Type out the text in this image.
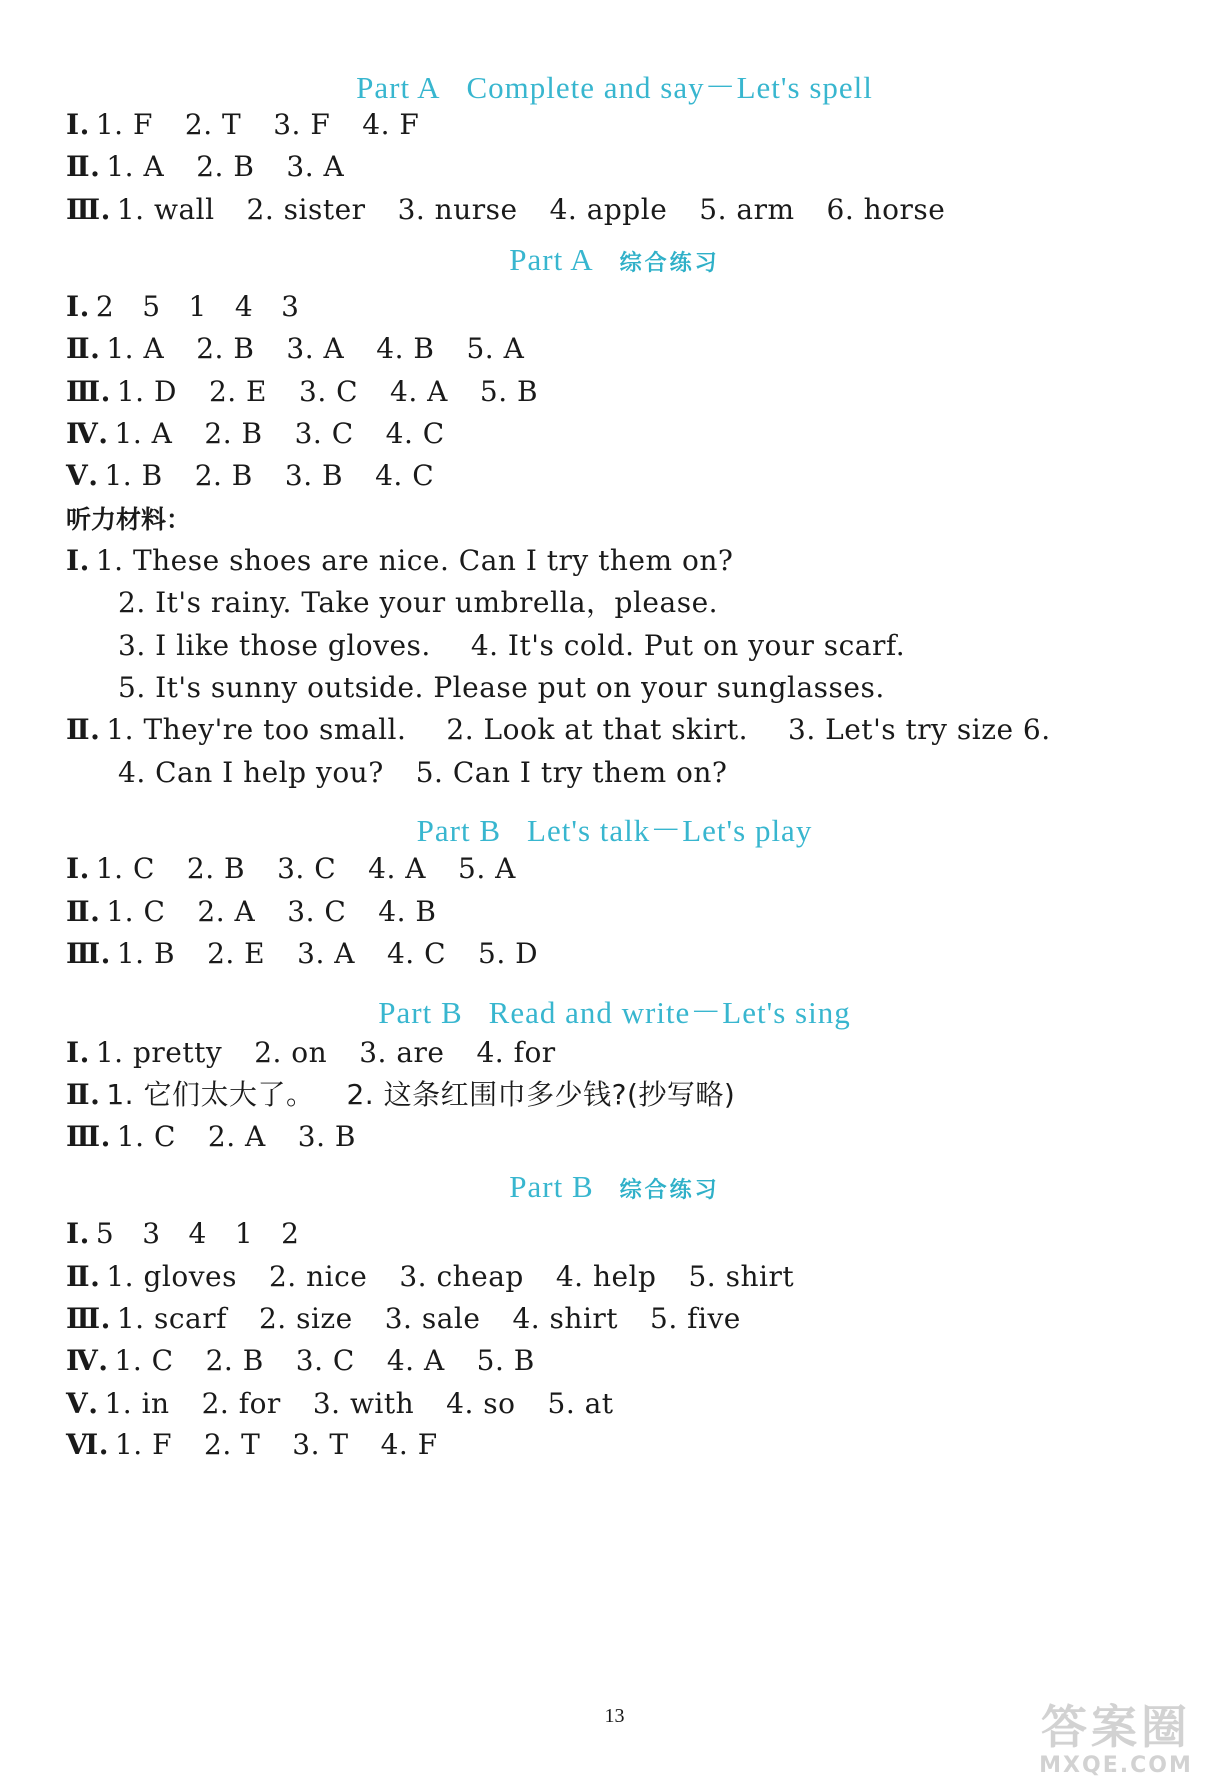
Part A Complete and say－Let's spell
Ⅰ. 1. F 2. T 3. F 4. F
Ⅱ. 1. A 2. B 3. A
Ⅲ. 1. wall 2. sister 3. nurse 4. apple 5. arm 6. horse
Part A 综合练习
Ⅰ. 2 5 1 4 3
Ⅱ. 1. A 2. B 3. A 4. B 5. A
Ⅲ. 1. D 2. E 3. C 4. A 5. B
Ⅳ. 1. A 2. B 3. C 4. C
Ⅴ. 1. B 2. B 3. B 4. C
听力材料：
Ⅰ. 1. These shoes are nice. Can I try them on?
2. It's rainy. Take your umbrella，please.
3. I like those gloves. 4. It's cold. Put on your scarf.
5. It's sunny outside. Please put on your sunglasses.
Ⅱ. 1. They're too small. 2. Look at that skirt. 3. Let's try size 6.
4. Can I help you? 5. Can I try them on?
Part B Let's talk－Let's play
Ⅰ. 1. C 2. B 3. C 4. A 5. A
Ⅱ. 1. C 2. A 3. C 4. B
Ⅲ. 1. B 2. E 3. A 4. C 5. D
Part B Read and write－Let's sing
Ⅰ. 1. pretty 2. on 3. are 4. for
Ⅱ. 1. 它们太大了。 2. 这条红围巾多少钱?(抄写略)
Ⅲ. 1. C 2. A 3. B
Part B 综合练习
Ⅰ. 5 3 4 1 2
Ⅱ. 1. gloves 2. nice 3. cheap 4. help 5. shirt
Ⅲ. 1. scarf 2. size 3. sale 4. shirt 5. five
Ⅳ. 1. C 2. B 3. C 4. A 5. B
Ⅴ. 1. in 2. for 3. with 4. so 5. at
Ⅵ. 1. F 2. T 3. T 4. F
13	答案圈
MXQE.COM
